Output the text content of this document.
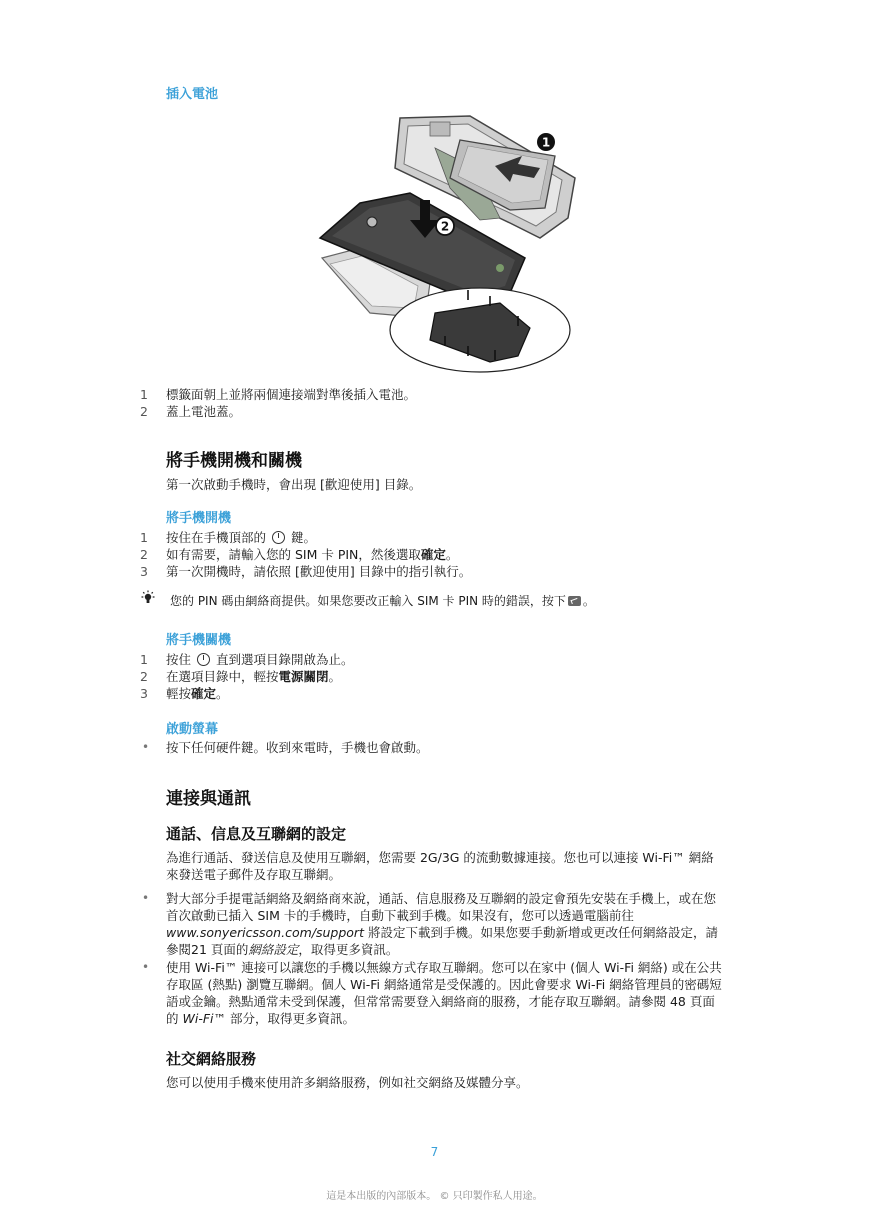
插入電池
1
2
1	標籤面朝上並將兩個連接端對準後插入電池。
2	蓋上電池蓋。
將手機開機和關機
第一次啟動手機時，會出現 [歡迎使用] 目錄。
將手機開機
1	按住在手機頂部的 鍵。
2	如有需要，請輸入您的 SIM 卡 PIN，然後選取確定。
3	第一次開機時，請依照 [歡迎使用] 目錄中的指引執行。
您的 PIN 碼由網絡商提供。如果您要改正輸入 SIM 卡 PIN 時的錯誤，按下 。
將手機關機
1	按住 直到選項目錄開啟為止。
2	在選項目錄中，輕按電源關閉。
3	輕按確定。
啟動螢幕
• 按下任何硬件鍵。收到來電時，手機也會啟動。
連接與通訊
通話、信息及互聯網的設定
為進行通話、發送信息及使用互聯網，您需要 2G/3G 的流動數據連接。您也可以連接 Wi-Fi™ 網絡來發送電子郵件及存取互聯網。
• 對大部分手提電話網絡及網絡商來說，通話、信息服務及互聯網的設定會預先安裝在手機上，或在您首次啟動已插入 SIM 卡的手機時，自動下載到手機。如果沒有，您可以透過電腦前往 www.sonyericsson.com/support 將設定下載到手機。如果您要手動新增或更改任何網絡設定，請參閱21 頁面的網絡設定，取得更多資訊。
• 使用 Wi-Fi™ 連接可以讓您的手機以無線方式存取互聯網。您可以在家中 (個人 Wi-Fi 網絡) 或在公共存取區 (熱點) 瀏覽互聯網。個人 Wi-Fi 網絡通常是受保護的。因此會要求 Wi-Fi 網絡管理員的密碼短語或金鑰。熱點通常未受到保護，但常常需要登入網絡商的服務，才能存取互聯網。請參閱 48 頁面的 Wi-Fi™ 部分，取得更多資訊。
社交網絡服務
您可以使用手機來使用許多網絡服務，例如社交網絡及媒體分享。
7
這是本出版的內部版本。 © 只印製作私人用途。
